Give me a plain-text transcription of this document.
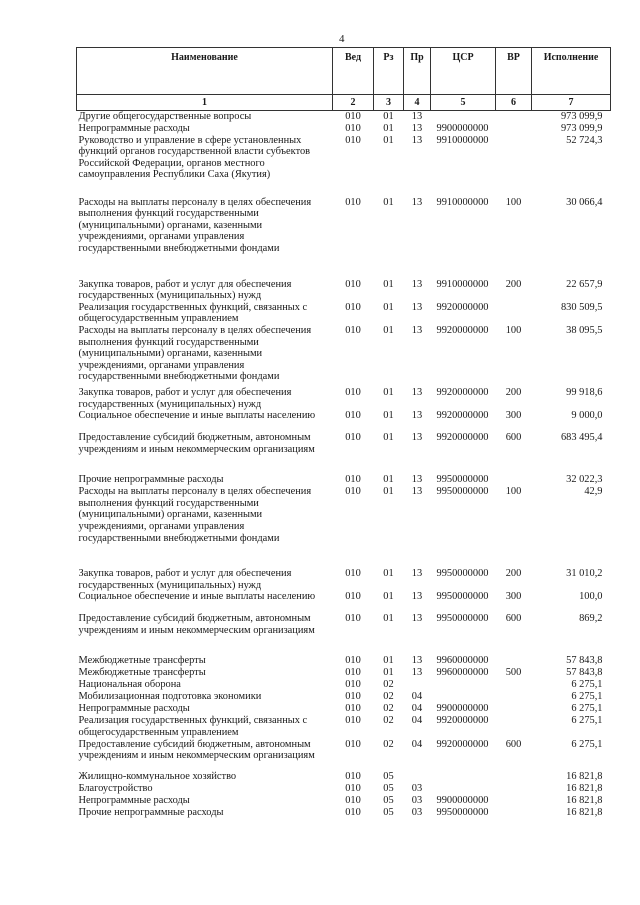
4
Наименование	Вед	Рз	Пр	ЦСР	ВР	Исполнение
1	2	3	4	5	6	7
Другие общегосударственные вопросы	010	01	13			973 099,9
Непрограммные расходы	010	01	13	9900000000		973 099,9
Руководство и управление в сфере установленных функций органов государственной власти субъектов Российской Федерации, органов местного самоуправления Республики Саха (Якутия)	010	01	13	9910000000		52 724,3
Расходы на выплаты персоналу в целях обеспечения выполнения функций государственными (муниципальными) органами, казенными учреждениями, органами управления государственными внебюджетными фондами	010	01	13	9910000000	100	30 066,4
Закупка товаров, работ и услуг для обеспечения государственных (муниципальных) нужд	010	01	13	9910000000	200	22 657,9
Реализация государственных функций, связанных с общегосударственным управлением	010	01	13	9920000000		830 509,5
Расходы на выплаты персоналу в целях обеспечения выполнения функций государственными (муниципальными) органами, казенными учреждениями, органами управления государственными внебюджетными фондами	010	01	13	9920000000	100	38 095,5
Закупка товаров, работ и услуг для обеспечения государственных (муниципальных) нужд	010	01	13	9920000000	200	99 918,6
Социальное обеспечение и иные выплаты населению	010	01	13	9920000000	300	9 000,0
Предоставление субсидий бюджетным, автономным учреждениям и иным некоммерческим организациям	010	01	13	9920000000	600	683 495,4
Прочие непрограммные расходы	010	01	13	9950000000		32 022,3
Расходы на выплаты персоналу в целях обеспечения выполнения функций государственными (муниципальными) органами, казенными учреждениями, органами управления государственными внебюджетными фондами	010	01	13	9950000000	100	42,9
Закупка товаров, работ и услуг для обеспечения государственных (муниципальных) нужд	010	01	13	9950000000	200	31 010,2
Социальное обеспечение и иные выплаты населению	010	01	13	9950000000	300	100,0
Предоставление субсидий бюджетным, автономным учреждениям и иным некоммерческим организациям	010	01	13	9950000000	600	869,2
Межбюджетные трансферты	010	01	13	9960000000		57 843,8
Межбюджетные трансферты	010	01	13	9960000000	500	57 843,8
Национальная оборона	010	02				6 275,1
Мобилизационная подготовка экономики	010	02	04			6 275,1
Непрограммные расходы	010	02	04	9900000000		6 275,1
Реализация государственных функций, связанных с общегосударственным управлением	010	02	04	9920000000		6 275,1
Предоставление субсидий бюджетным, автономным учреждениям и иным некоммерческим организациям	010	02	04	9920000000	600	6 275,1
Жилищно-коммунальное хозяйство	010	05				16 821,8
Благоустройство	010	05	03			16 821,8
Непрограммные расходы	010	05	03	9900000000		16 821,8
Прочие непрограммные расходы	010	05	03	9950000000		16 821,8
